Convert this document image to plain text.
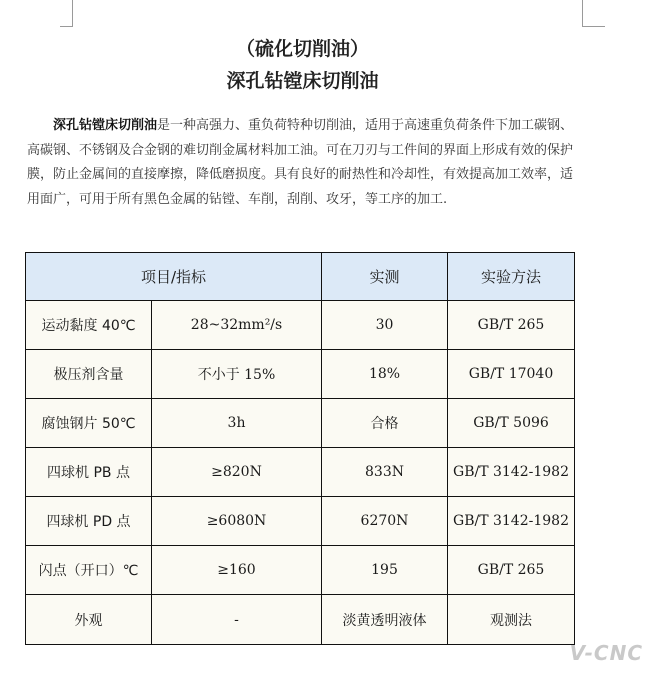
（硫化切削油）
深孔钻镗床切削油
深孔钻镗床切削油是一种高强力、重负荷特种切削油，适用于高速重负荷条件下加工碳钢、高碳钢、不锈钢及合金钢的难切削金属材料加工油。可在刀刃与工件间的界面上形成有效的保护膜，防止金属间的直接摩擦，降低磨损度。具有良好的耐热性和冷却性，有效提高加工效率，适用面广，可用于所有黑色金属的钻镗、车削，刮削、攻牙，等工序的加工.
项目/指标		实测	实验方法
运动黏度 40℃	28~32mm²/s	30	GB/T 265
极压剂含量	不小于 15%	18%	GB/T 17040
腐蚀钢片 50℃	3h	合格	GB/T 5096
四球机 PB 点	≥820N	833N	GB/T 3142-1982
四球机 PD 点	≥6080N	6270N	GB/T 3142-1982
闪点（开口）℃	≥160	195	GB/T 265
外观	-	淡黄透明液体	观测法
V-CNC
